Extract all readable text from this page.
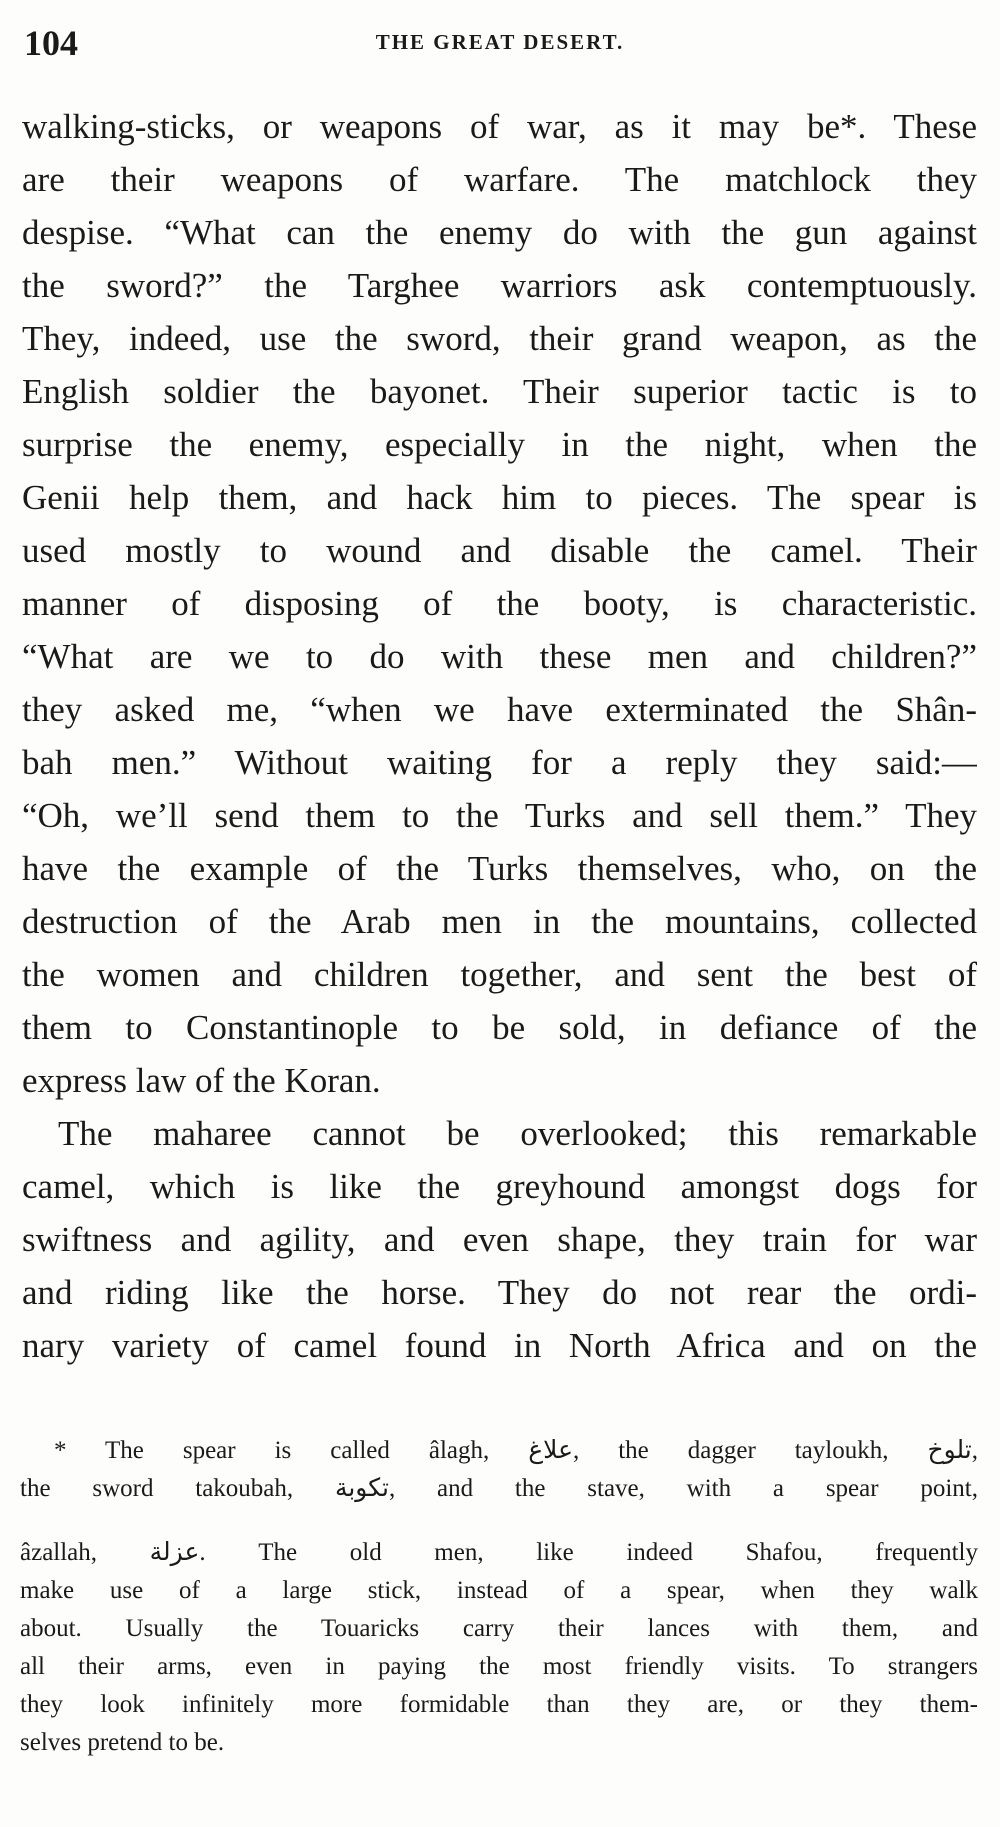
104	THE GREAT DESERT.
walking-sticks, or weapons of war, as it may be*. These
are their weapons of warfare. The matchlock they
despise. “What can the enemy do with the gun against
the sword?” the Targhee warriors ask contemptuously.
They, indeed, use the sword, their grand weapon, as the
English soldier the bayonet. Their superior tactic is to
surprise the enemy, especially in the night, when the
Genii help them, and hack him to pieces. The spear is
used mostly to wound and disable the camel. Their
manner of disposing of the booty, is characteristic.
“What are we to do with these men and children?”
they asked me, “when we have exterminated the Shân-
bah men.” Without waiting for a reply they said:—
“Oh, we’ll send them to the Turks and sell them.” They
have the example of the Turks themselves, who, on the
destruction of the Arab men in the mountains, collected
the women and children together, and sent the best of
them to Constantinople to be sold, in defiance of the
express law of the Koran.
The maharee cannot be overlooked; this remarkable
camel, which is like the greyhound amongst dogs for
swiftness and agility, and even shape, they train for war
and riding like the horse. They do not rear the ordi-
nary variety of camel found in North Africa and on the
* The spear is called âlagh, علاغ, the dagger tayloukh, تلوخ,
the sword takoubah, تكوبة, and the stave, with a spear point,
âzallah, عزلة. The old men, like indeed Shafou, frequently
make use of a large stick, instead of a spear, when they walk
about. Usually the Touaricks carry their lances with them, and
all their arms, even in paying the most friendly visits. To strangers
they look infinitely more formidable than they are, or they them-
selves pretend to be.
